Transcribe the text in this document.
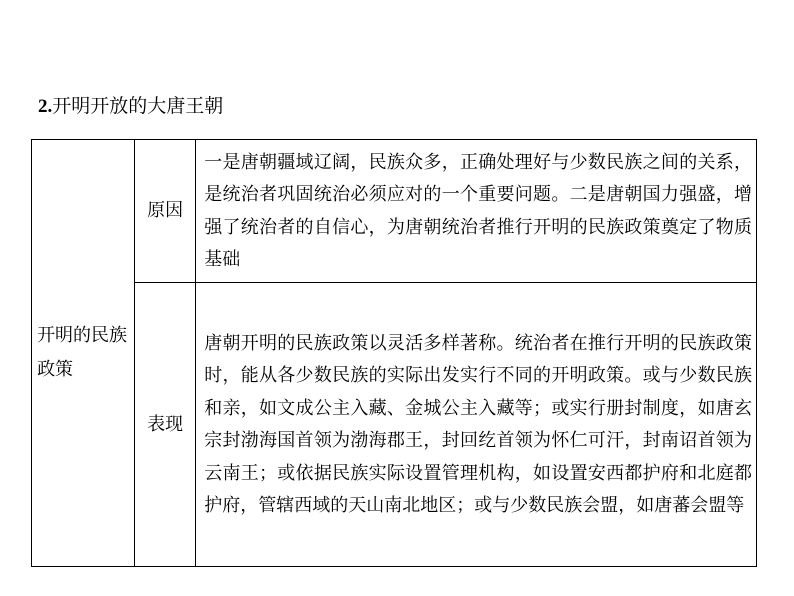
2.开明开放的大唐王朝
开明的民族政策	原因	一是唐朝疆域辽阔，民族众多，正确处理好与少数民族之间的关系，是统治者巩固统治必须应对的一个重要问题。二是唐朝国力强盛，增强了统治者的自信心，为唐朝统治者推行开明的民族政策奠定了物质基础
	表现	唐朝开明的民族政策以灵活多样著称。统治者在推行开明的民族政策时，能从各少数民族的实际出发实行不同的开明政策。或与少数民族和亲，如文成公主入藏、金城公主入藏等；或实行册封制度，如唐玄宗封渤海国首领为渤海郡王，封回纥首领为怀仁可汗，封南诏首领为云南王；或依据民族实际设置管理机构，如设置安西都护府和北庭都护府，管辖西域的天山南北地区；或与少数民族会盟，如唐蕃会盟等
